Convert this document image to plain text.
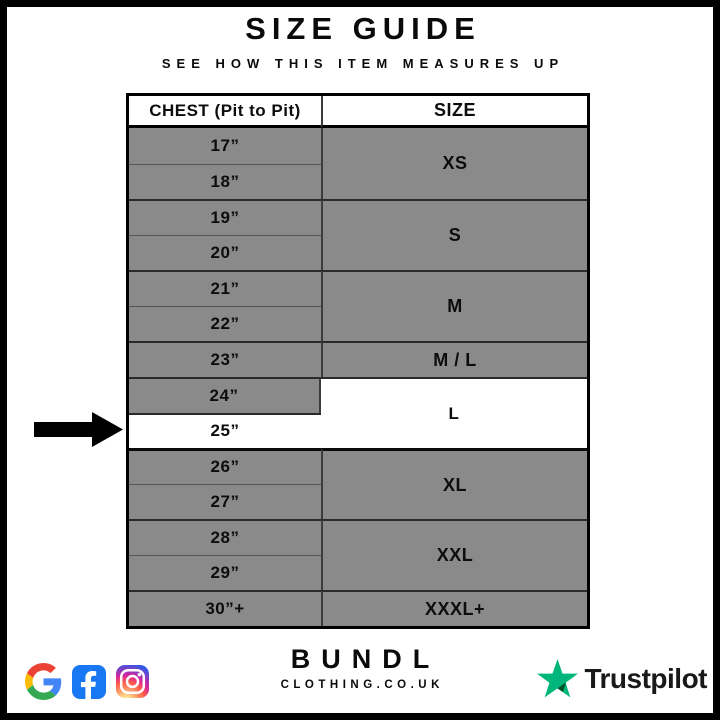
SIZE GUIDE
SEE HOW THIS ITEM MEASURES UP
CHEST (Pit to Pit)	SIZE
17”
18”
19”
20”
21”
22”
23”
24”
25”
26”
27”
28”
29”
30”+
XS
S
M
M / L
L
XL
XXL
XXXL+
BUNDL
CLOTHING.CO.UK	Trustpilot
